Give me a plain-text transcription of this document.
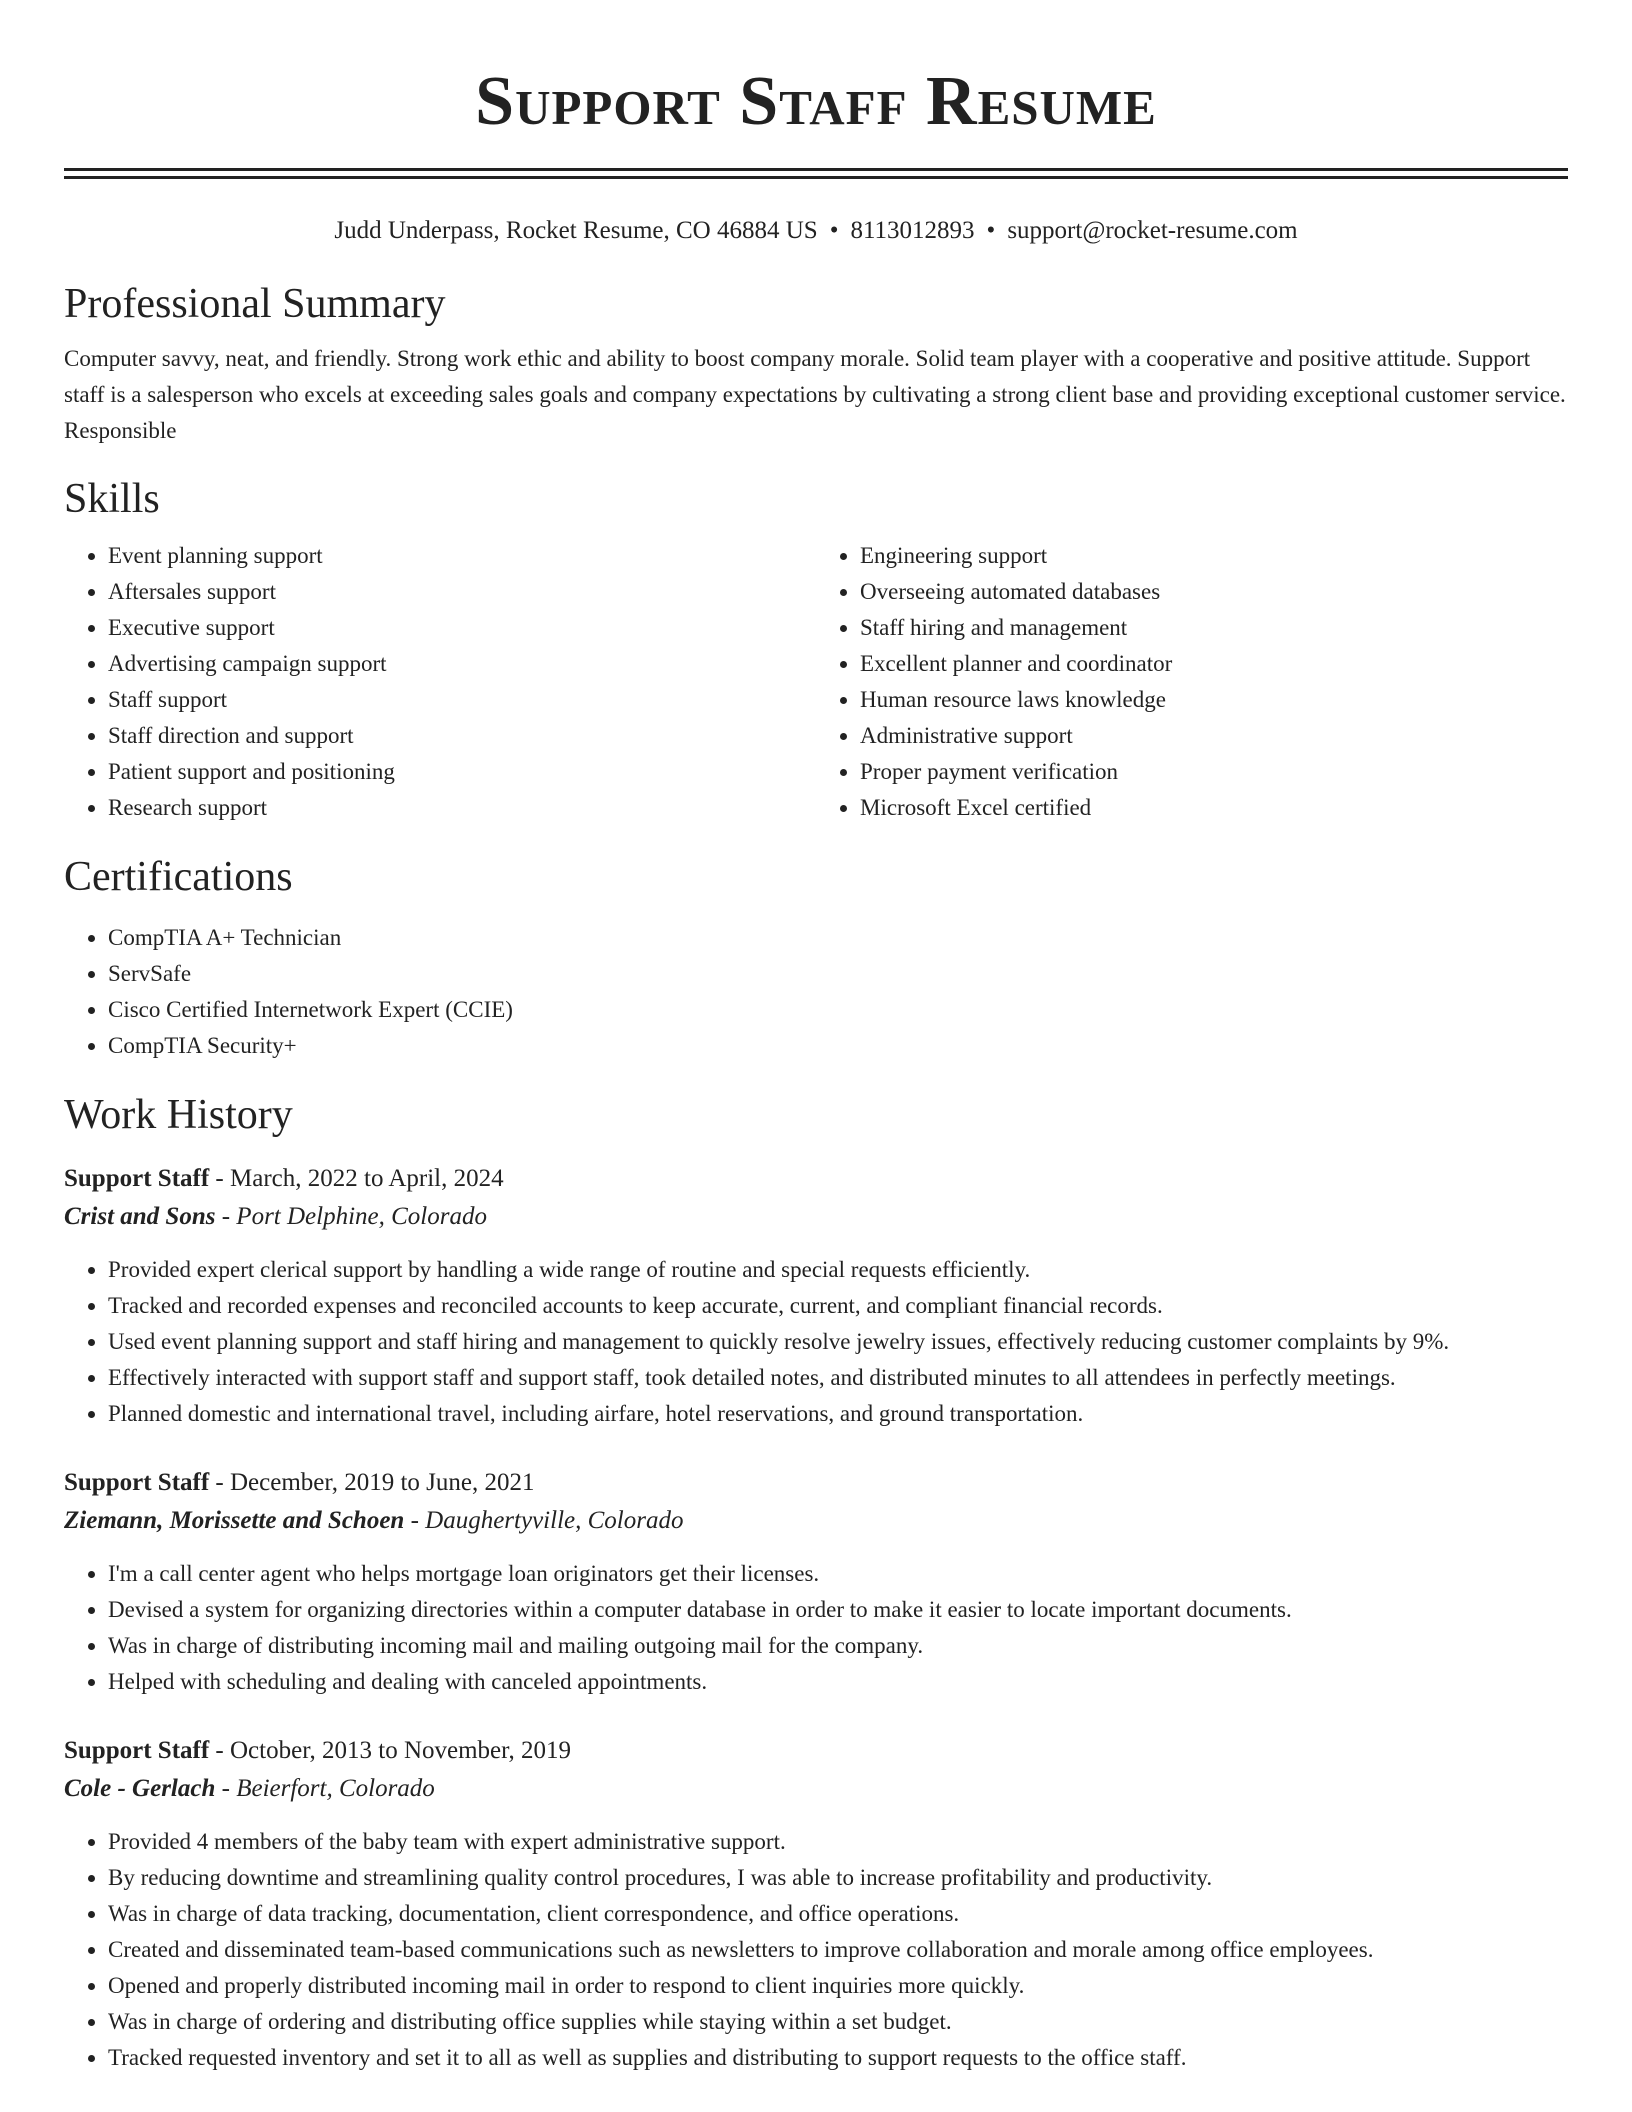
Support Staff Resume
Judd Underpass, Rocket Resume, CO 46884 US • 8113012893 • support@rocket-resume.com
Professional Summary
Computer savvy, neat, and friendly. Strong work ethic and ability to boost company morale. Solid team player with a cooperative and positive attitude. Support staff is a salesperson who excels at exceeding sales goals and company expectations by cultivating a strong client base and providing exceptional customer service. Responsible
Skills
• Event planning support
• Aftersales support
• Executive support
• Advertising campaign support
• Staff support
• Staff direction and support
• Patient support and positioning
• Research support
• Engineering support
• Overseeing automated databases
• Staff hiring and management
• Excellent planner and coordinator
• Human resource laws knowledge
• Administrative support
• Proper payment verification
• Microsoft Excel certified
Certifications
• CompTIA A+ Technician
• ServSafe
• Cisco Certified Internetwork Expert (CCIE)
• CompTIA Security+
Work History
Support Staff - March, 2022 to April, 2024
Crist and Sons - Port Delphine, Colorado
• Provided expert clerical support by handling a wide range of routine and special requests efficiently.
• Tracked and recorded expenses and reconciled accounts to keep accurate, current, and compliant financial records.
• Used event planning support and staff hiring and management to quickly resolve jewelry issues, effectively reducing customer complaints by 9%.
• Effectively interacted with support staff and support staff, took detailed notes, and distributed minutes to all attendees in perfectly meetings.
• Planned domestic and international travel, including airfare, hotel reservations, and ground transportation.
Support Staff - December, 2019 to June, 2021
Ziemann, Morissette and Schoen - Daughertyville, Colorado
• I'm a call center agent who helps mortgage loan originators get their licenses.
• Devised a system for organizing directories within a computer database in order to make it easier to locate important documents.
• Was in charge of distributing incoming mail and mailing outgoing mail for the company.
• Helped with scheduling and dealing with canceled appointments.
Support Staff - October, 2013 to November, 2019
Cole - Gerlach - Beierfort, Colorado
• Provided 4 members of the baby team with expert administrative support.
• By reducing downtime and streamlining quality control procedures, I was able to increase profitability and productivity.
• Was in charge of data tracking, documentation, client correspondence, and office operations.
• Created and disseminated team-based communications such as newsletters to improve collaboration and morale among office employees.
• Opened and properly distributed incoming mail in order to respond to client inquiries more quickly.
• Was in charge of ordering and distributing office supplies while staying within a set budget.
• Tracked requested inventory and set it to all as well as supplies and distributing to support requests to the office staff.
